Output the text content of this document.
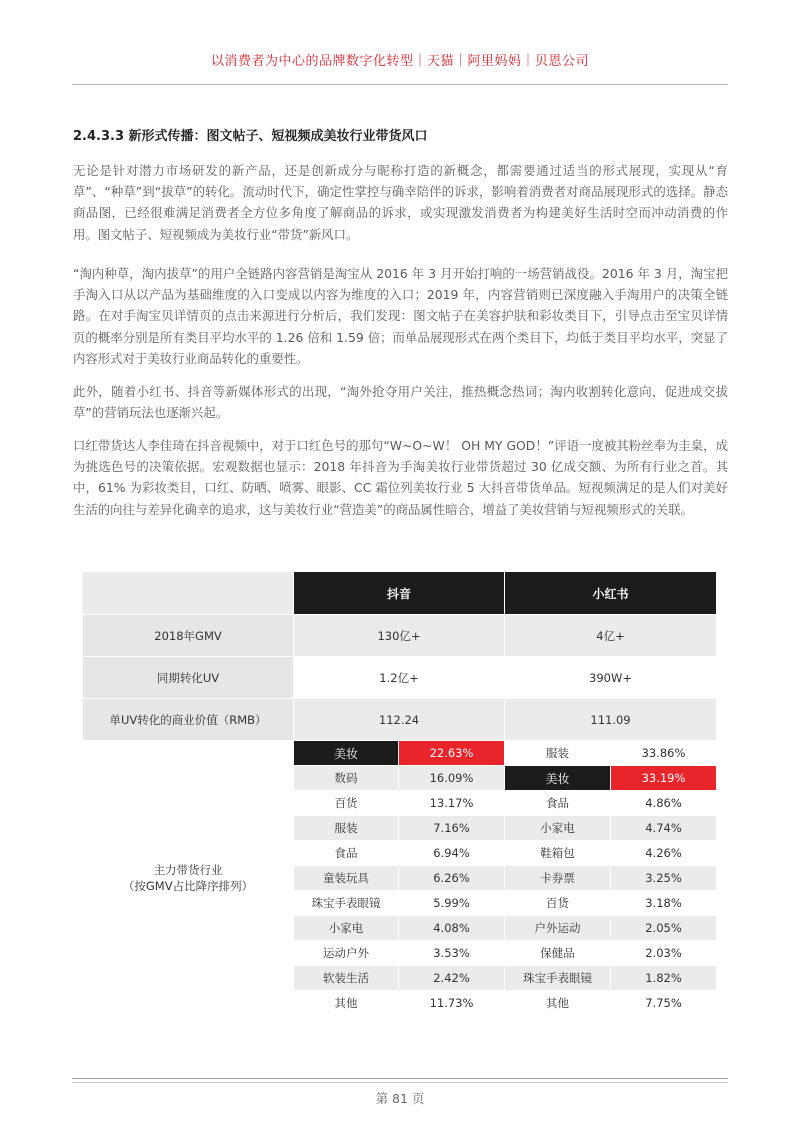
以消费者为中心的品牌数字化转型｜天猫｜阿里妈妈｜贝恩公司
2.4.3.3 新形式传播：图文帖子、短视频成美妆行业带货风口

无论是针对潜力市场研发的新产品，还是创新成分与昵称打造的新概念，都需要通过适当的形式展现，实现从“育草”、“种草”到“拔草”的转化。流动时代下，确定性掌控与确幸陪伴的诉求，影响着消费者对商品展现形式的选择。静态商品图，已经很难满足消费者全方位多角度了解商品的诉求，或实现激发消费者为构建美好生活时空而冲动消费的作用。图文帖子、短视频成为美妆行业“带货”新风口。

“淘内种草，淘内拔草”的用户全链路内容营销是淘宝从 2016 年 3 月开始打响的一场营销战役。2016 年 3 月，淘宝把手淘入口从以产品为基础维度的入口变成以内容为维度的入口；2019 年，内容营销则已深度融入手淘用户的决策全链路。在对手淘宝贝详情页的点击来源进行分析后，我们发现：图文帖子在美容护肤和彩妆类目下，引导点击至宝贝详情页的概率分别是所有类目平均水平的 1.26 倍和 1.59 倍；而单品展现形式在两个类目下，均低于类目平均水平，突显了内容形式对于美妆行业商品转化的重要性。

此外，随着小红书、抖音等新媒体形式的出现，“淘外抢夺用户关注，推热概念热词；淘内收割转化意向，促进成交拔草”的营销玩法也逐渐兴起。

口红带货达人李佳琦在抖音视频中，对于口红色号的那句“W~O~W！ OH MY GOD！”评语一度被其粉丝奉为圭臬，成为挑选色号的决策依据。宏观数据也显示：2018 年抖音为手淘美妆行业带货超过 30 亿成交额、为所有行业之首。其中，61% 为彩妆类目，口红、防晒、喷雾、眼影、CC 霜位列美妆行业 5 大抖音带货单品。短视频满足的是人们对美好生活的向往与差异化确幸的追求，这与美妆行业“营造美”的商品属性暗合，增益了美妆营销与短视频形式的关联。

	抖音		小红书	
2018年GMV	130亿+		4亿+	
同期转化UV	1.2亿+		390W+	
单UV转化的商业价值（RMB）	112.24		111.09	

主力带货行业
（按GMV占比降序排列）	美妆	22.63%	服装	33.86%
	数码	16.09%	美妆	33.19%
	百货	13.17%	食品	4.86%
	服装	7.16%	小家电	4.74%
	食品	6.94%	鞋箱包	4.26%
	童装玩具	6.26%	卡券票	3.25%
	珠宝手表眼镜	5.99%	百货	3.18%
	小家电	4.08%	户外运动	2.05%
	运动户外	3.53%	保健品	2.03%
	软装生活	2.42%	珠宝手表眼镜	1.82%
	其他	11.73%	其他	7.75%
第 81 页
